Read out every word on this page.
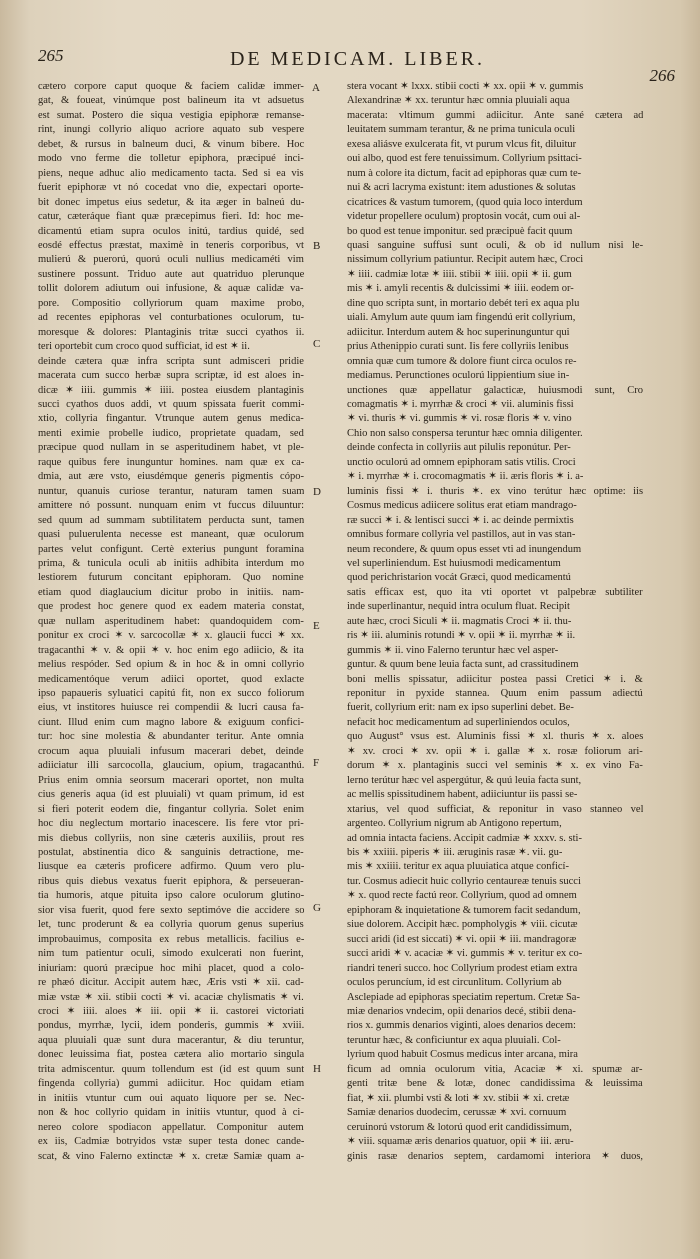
265	DE MEDICAM. LIBER.
266
cætero corpore caput quoque & faciem calidæ immer-
gat, & foueat, vinúmque post balineum ita vt adsuetus
est sumat. Postero die siqua vestigia epiphoræ remanse-
rint, inungi collyrio aliquo acriore aquato sub vespere
debet, & rursus in balneum duci, & vinum bibere. Hoc
modo vno ferme die tolletur epiphora, præcipué inci-
piens, neque adhuc alio medicamento tacta. Sed si ea vis
fuerit epiphoræ vt nó cocedat vno die, expectari oporte-
bit donec impetus eius sedetur, & ita æger in balneú du-
catur, cæteráque fiant quæ præcepimus fieri. Id: hoc me-
dicamentú etiam supra oculos initú, tardius quidé, sed
eosdé effectus præstat, maximè in teneris corporibus, vt
mulierú & puerorú, quorú oculi nullius medicaméti vim
sustinere possunt. Triduo aute aut quatriduo plerunque
tollit dolorem adiutum oui infusione, & aquæ calidæ va-
pore. Compositio collyriorum quam maxime probo,
ad recentes epiphoras vel conturbationes oculorum, tu-
moresque & dolores: Plantaginis tritæ succi cyathos ii.
teri oportebit cum croco quod sufficiat, id est ✶ ii.
deinde cætera quæ infra scripta sunt admisceri pridie
macerata cum succo herbæ supra scriptæ, id est aloes in-
dicæ ✶ iiii. gummis ✶ iiii. postea eiusdem plantaginis
succi cyathos duos addi, vt quum spissata fuerit commi-
xtio, collyria fingantur. Vtrunque autem genus medica-
menti eximie probelle iudico, proprietate quadam, sed
præcipue quod nullam in se asperitudinem habet, vt ple-
raque quibus fere inunguntur homines. nam quæ ex ca-
dmia, aut ære vsto, eiusdémque generis pigmentis cópo-
nuntur, quanuis curiose terantur, naturam tamen suam
amittere nó possunt. nunquam enim vt fuccus diluuntur:
sed quum ad summam subtilitatem perducta sunt, tamen
quasi puluerulenta necesse est maneant, quæ oculorum
partes velut configunt. Certè exterius pungunt foramina
prima, & tunicula oculi ab initiis adhibita interdum mo
lestiorem futurum concitant epiphoram. Quo nomine
etiam quod diaglaucium dicitur probo in initiis. nam-
que prodest hoc genere quod ex eadem materia constat,
quæ nullam asperitudinem habet: quandoquidem com-
ponitur ex croci ✶ v. sarcocollæ ✶ x. glaucii fucci ✶ xx.
tragacanthi ✶ v. & opii ✶ v. hoc enim ego adiicio, & ita
melius respóder. Sed opium & in hoc & in omni collyrio
medicamentóque verum adiici oportet, quod exlacte
ipso papaueris syluatici capitú fit, non ex succo foliorum
eius, vt institores huiusce rei compendii & lucri causa fa-
ciunt. Illud enim cum magno labore & exiguum confici-
tur: hoc sine molestia & abundanter teritur. Ante omnia
crocum aqua pluuiali infusum macerari debet, deinde
adiiciatur illi sarcocolla, glaucium, opium, tragacanthú.
Prius enim omnia seorsum macerari oportet, non multa
cius generis aqua (id est pluuiali) vt quam primum, id est
si fieri poterit eodem die, fingantur collyria. Solet enim
hoc diu neglectum mortario inacescere. Iis fere vtor pri-
mis diebus collyriis, non sine cæteris auxiliis, prout res
postulat, abstinentia dico & sanguinis detractione, me-
liusque ea cæteris proficere adfirmo. Quum vero plu-
ribus quis diebus vexatus fuerit epiphora, & perseueran-
tia humoris, atque pituita ipso calore oculorum glutino-
sior visa fuerit, quod fere sexto septimóve die accidere so
let, tunc proderunt & ea collyria quorum genus superius
improbauimus, composita ex rebus metallicis. facilius e-
nim tum patientur oculi, simodo exulcerati non fuerint,
iniuriam: quorú præcipue hoc mihi placet, quod a colo-
re phæó dicitur. Accipit autem hæc, Æris vsti ✶ xii. cad-
miæ vstæ ✶ xii. stibii cocti ✶ vi. acaciæ chylismatis ✶ vi.
croci ✶ iiii. aloes ✶ iii. opii ✶ ii. castorei victoriati
pondus, myrrhæ, lycii, idem ponderis, gummis ✶ xviii.
aqua pluuiali quæ sunt dura macerantur, & diu teruntur,
donec leuissima fiat, postea cætera alio mortario singula
trita admiscentur. quum tollendum est (id est quum sunt
fingenda collyria) gummi adiicitur. Hoc quidam etiam
in initiis vtuntur cum oui aquato liquore per se. Nec-
non & hoc collyrio quidam in initiis vtuntur, quod à ci-
nereo colore spodiacon appellatur. Componitur autem
ex iis, Cadmiæ botryidos vstæ super testa donec cande-
scat, & vino Falerno extinctæ ✶ x. cretæ Samiæ quam a-
stera vocant ✶ lxxx. stibii cocti ✶ xx. opii ✶ v. gummis
Alexandrinæ ✶ xx. teruntur hæc omnia pluuiali aqua
macerata: vltimum gummi adiicitur. Ante sané cætera ad
leuitatem summam terantur, & ne prima tunicula oculi
exesa aliásve exulcerata fit, vt purum vlcus fit, diluitur
oui albo, quod est fere tenuissimum. Collyrium psittaci-
num à colore ita dictum, facit ad epiphoras quæ cum te-
nui & acri lacryma existunt: item adustiones & solutas
cicatrices & vastum tumorem, (quod quia loco interdum
videtur propellere oculum) proptosin vocát, cum oui al-
bo quod est tenue imponitur. sed præcipuè facit quum
quasi sanguine suffusi sunt oculi, & ob id nullum nisi le-
nissimum collyrium patiuntur. Recipit autem hæc, Croci
✶ iiii. cadmiæ lotæ ✶ iiii. stibii ✶ iiii. opii ✶ ii. gum
mis ✶ i. amyli recentis & dulcissimi ✶ iiii. eodem or-
dine quo scripta sunt, in mortario debét teri ex aqua plu
uiali. Amylum aute quum iam fingendú erit collyrium,
adiicitur. Interdum autem & hoc superinunguntur qui
prius Athenippio curati sunt. Iis fere collyriis lenibus
omnia quæ cum tumore & dolore fiunt circa oculos re-
mediamus. Perunctiones oculorú lippientium siue in-
unctiones quæ appellatur galacticæ, huiusmodi sunt, Cro
comagmatis ✶ i. myrrhæ & croci ✶ vii. aluminis fissi
✶ vi. thuris ✶ vi. gummis ✶ vi. rosæ floris ✶ v. vino
Chio non salso conspersa teruntur hæc omnia diligenter.
deinde confecta in collyriis aut pilulis reponútur. Per-
unctio oculorú ad omnem epiphoram satis vtilis. Croci
✶ i. myrrhæ ✶ i. crocomagmatis ✶ ii. æris floris ✶ i. a-
luminis fissi ✶ i. thuris ✶. ex vino terútur hæc optime: iis
Cosmus medicus adiicere solitus erat etiam mandrago-
ræ succi ✶ i. & lentisci succi ✶ i. ac deinde permixtis
omnibus formare collyria vel pastillos, aut in vas stan-
neum recondere, & quum opus esset vti ad inungendum
vel superliniendum. Est huiusmodi medicamentum
quod perichristarion vocát Græci, quod medicamentú
satis efficax est, quo ita vti oportet vt palpebræ subtiliter
inde superlinantur, nequid intra oculum fluat. Recipit
aute hæc, croci Siculi ✶ ii. magmatis Croci ✶ ii. thu-
ris ✶ iii. aluminis rotundi ✶ v. opii ✶ ii. myrrhæ ✶ ii.
gummis ✶ ii. vino Falerno teruntur hæc vel asper-
guntur. & quum bene leuia facta sunt, ad crassitudinem
boni mellis spissatur, adiicitur postea passi Cretici ✶ i. &
reponitur in pyxide stannea. Quum enim passum adiectú
fuerit, collyrium erit: nam ex ipso superlini debet. Be-
nefacit hoc medicamentum ad superliniendos oculos,
quo August° vsus est. Aluminis fissi ✶ xl. thuris ✶ x. aloes
✶ xv. croci ✶ xv. opii ✶ i. gallæ ✶ x. rosæ foliorum ari-
dorum ✶ x. plantaginis succi vel seminis ✶ x. ex vino Fa-
lerno terútur hæc vel aspergútur, & quú leuia facta sunt,
ac mellis spissitudinem habent, adiiciuntur iis passi se-
xtarius, vel quod sufficiat, & reponitur in vaso stanneo vel
argenteo. Collyrium nigrum ab Antigono repertum,
ad omnia intacta faciens. Accipit cadmiæ ✶ xxxv. s. sti-
bis ✶ xxiiii. piperis ✶ iii. æruginis rasæ ✶. vii. gu-
mis ✶ xxiiii. teritur ex aqua pluuiatica atque conficí-
tur. Cosmus adiecit huic collyrio centaureæ tenuis succi
✶ x. quod recte factú reor. Collyrium, quod ad omnem
epiphoram & inquietatione & tumorem facit sedandum,
siue dolorem. Accipit hæc. pompholygis ✶ viii. cicutæ
succi aridi (id est siccati) ✶ vi. opii ✶ iii. mandragoræ
succi aridi ✶ v. acaciæ ✶ vi. gummis ✶ v. teritur ex co-
riandri teneri succo. hoc Collyrium prodest etiam extra
oculos peruncíum, id est circunlitum. Collyrium ab
Asclepiade ad epiphoras speciatim repertum. Cretæ Sa-
miæ denarios vndecim, opii denarios decé, stibii dena-
rios x. gummis denarios viginti, aloes denarios decem:
teruntur hæc, & conficiuntur ex aqua pluuiali. Col-
lyrium quod habuit Cosmus medicus inter arcana, mira
ficum ad omnia oculorum vitia, Acaciæ ✶ xi. spumæ ar-
genti tritæ bene & lotæ, donec candidissima & leuissima
fiat, ✶ xii. plumbi vsti & loti ✶ xv. stibii ✶ xi. cretæ
Samiæ denarios duodecim, cerussæ ✶ xvi. cornuum
ceruinorú vstorum & lotorú quod erit candidissimum,
✶ viii. squamæ æris denarios quatuor, opii ✶ iii. æru-
ginis rasæ denarios septem, cardamomi interiora ✶ duos,
A
B
C
D
E
F
G
H
